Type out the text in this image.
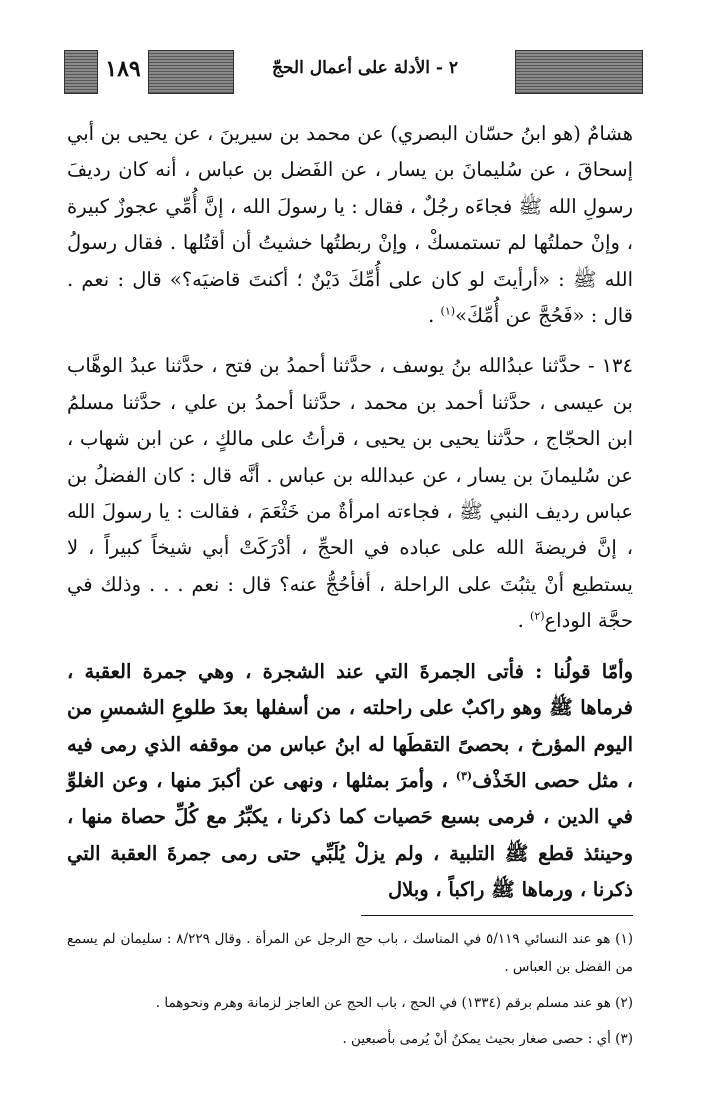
٢ - الأدلة على أعمال الحجّ
١٨٩

هشامٌ (هو ابنُ حسّان البصري) عن محمد بن سيرينَ ، عن يحيى بن أبي إسحاقَ ، عن سُليمانَ بن يسار ، عن الفَضل بن عباس ، أنه كان رديفَ رسولِ الله ﷺ فجاءَه رجُلٌ ، فقال : يا رسولَ الله ، إنَّ أُمِّي عجوزٌ كبيرة ، وإنْ حملتُها لم تستمسكْ ، وإنْ ربطتُها خشيتُ أن أقتُلها . فقال رسولُ الله ﷺ : «أرأيتَ لو كان على أُمِّكَ دَيْنٌ ؛ أكنتَ قاضيَه؟» قال : نعم . قال : «فَحُجَّ عن أُمِّكَ»$^{(١)}$ .

١٣٤ - حدَّثنا عبدُالله بنُ يوسف ، حدَّثنا أحمدُ بن فتح ، حدَّثنا عبدُ الوهَّاب بن عيسى ، حدَّثنا أحمد بن محمد ، حدَّثنا أحمدُ بن علي ، حدَّثنا مسلمُ ابن الحجّاج ، حدَّثنا يحيى بن يحيى ، قرأتُ على مالكٍ ، عن ابن شهاب ، عن سُليمانَ بن يسار ، عن عبدالله بن عباس . أنَّه قال : كان الفضلُ بن عباس رديف النبي ﷺ ، فجاءته امرأةٌ من خَثْعَمَ ، فقالت : يا رسولَ الله ، إنَّ فريضةَ الله على عباده في الحجِّ ، أدْرَكَتْ أبي شيخاً كبيراً ، لا يستطيع أنْ يثبُتَ على الراحلة ، أفأحُجُّ عنه؟ قال : نعم . . . وذلك في حجَّة الوداع$^{(٢)}$ .

وأمّا قولُنا : فأتى الجمرةَ التي عند الشجرة ، وهي جمرة العقبة ، فرماها ﷺ وهو راكبٌ على راحلته ، من أسفلها بعدَ طلوعِ الشمسِ من اليوم المؤرخ ، بحصىً التقطَها له ابنُ عباس من موقفه الذي رمى فيه ، مثل حصى الخَذْف$^{(٣)}$ ، وأمرَ بمثلها ، ونهى عن أكبرَ منها ، وعن الغلوِّ في الدين ، فرمى بسبع حَصيات كما ذكرنا ، يكبِّرُ مع كُلِّ حصاة منها ، وحينئذ قطع ﷺ التلبية ، ولم يزلْ يُلَبِّي حتى رمى جمرةَ العقبة التي ذكرنا ، ورماها ﷺ راكباً ، وبلال

(١) هو عند النسائي ٥/١١٩ في المناسك ، باب حج الرجل عن المرأة . وقال ٨/٢٢٩ : سليمان لم يسمع من الفضل بن العباس .

(٢) هو عند مسلم برقم (١٣٣٤) في الحج ، باب الحج عن العاجز لزمانة وهرم ونحوهما .

(٣) أي : حصى صغار بحيث يمكنُ أنْ يُرمى بأصبعين .
